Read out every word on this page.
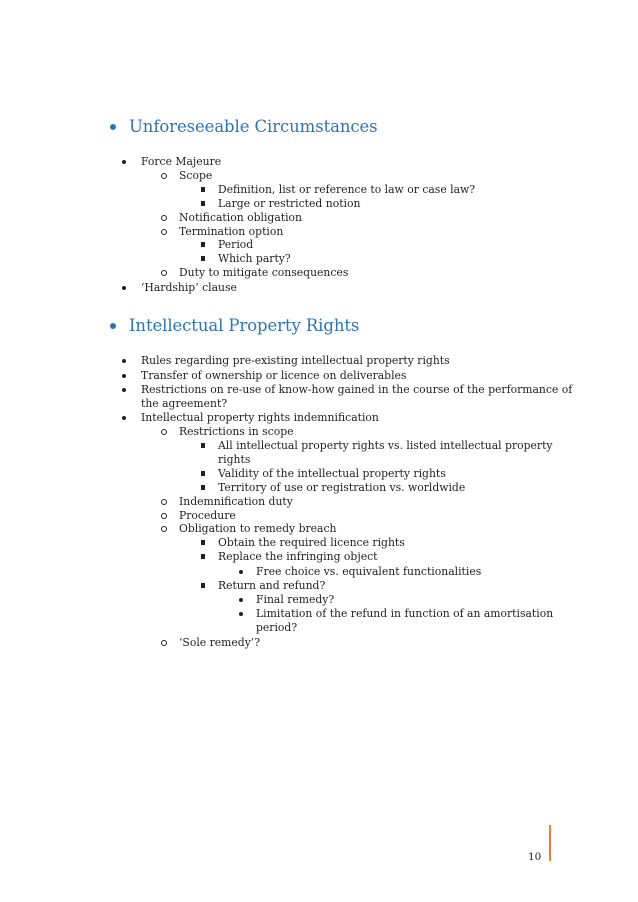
Unforeseeable Circumstances
Force Majeure
Scope
Definition, list or reference to law or case law?
Large or restricted notion
Notification obligation
Termination option
Period
Which party?
Duty to mitigate consequences
‘Hardship’ clause
Intellectual Property Rights
Rules regarding pre-existing intellectual property rights
Transfer of ownership or licence on deliverables
Restrictions on re-use of know-how gained in the course of the performance of
the agreement?
Intellectual property rights indemnification
Restrictions in scope
All intellectual property rights vs. listed intellectual property
rights
Validity of the intellectual property rights
Territory of use or registration vs. worldwide
Indemnification duty
Procedure
Obligation to remedy breach
Obtain the required licence rights
Replace the infringing object
Free choice vs. equivalent functionalities
Return and refund?
Final remedy?
Limitation of the refund in function of an amortisation
period?
‘Sole remedy’?
10
